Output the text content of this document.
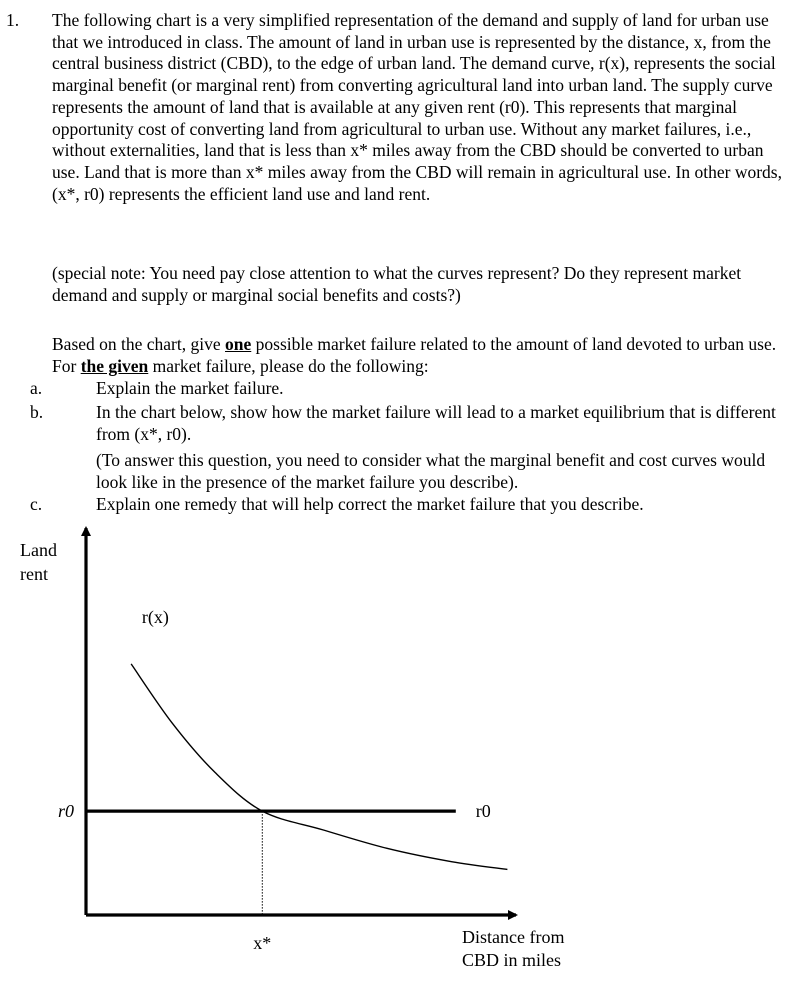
1. The following chart is a very simplified representation of the demand and supply of land for urban use that we introduced in class. The amount of land in urban use is represented by the distance, x, from the central business district (CBD), to the edge of urban land. The demand curve, r(x), represents the social marginal benefit (or marginal rent) from converting agricultural land into urban land. The supply curve represents the amount of land that is available at any given rent (r0). This represents that marginal opportunity cost of converting land from agricultural to urban use. Without any market failures, i.e., without externalities, land that is less than x* miles away from the CBD should be converted to urban use. Land that is more than x* miles away from the CBD will remain in agricultural use. In other words, (x*, r0) represents the efficient land use and land rent.

(special note: You need pay close attention to what the curves represent? Do they represent market demand and supply or marginal social benefits and costs?)

Based on the chart, give one possible market failure related to the amount of land devoted to urban use. For the given market failure, please do the following:

a.	Explain the market failure.
b.	In the chart below, show how the market failure will lead to a market equilibrium that is different from (x*, r0).
(To answer this question, you need to consider what the marginal benefit and cost curves would look like in the presence of the market failure you describe).
c.	Explain one remedy that will help correct the market failure that you describe.
Land
rent
r(x)
r0	r0
x*	Distance from
CBD in miles
